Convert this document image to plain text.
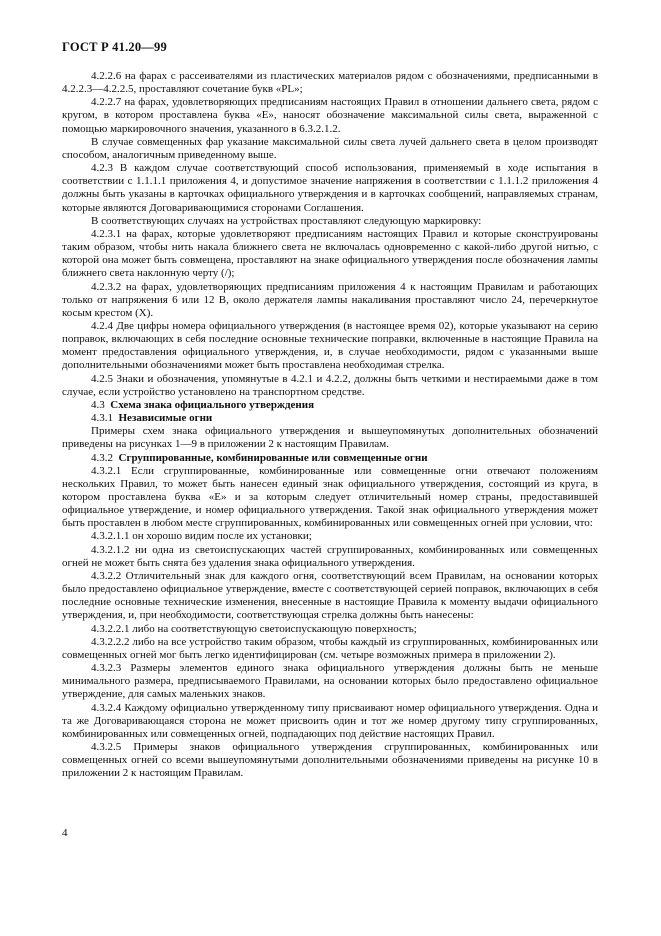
ГОСТ Р 41.20—99

4.2.2.6 на фарах с рассеивателями из пластических материалов рядом с обозначениями, предписанными в 4.2.2.3—4.2.2.5, проставляют сочетание букв «PL»;

4.2.2.7 на фарах, удовлетворяющих предписаниям настоящих Правил в отношении дальнего света, рядом с кругом, в котором проставлена буква «Е», наносят обозначение максимальной силы света, выраженной с помощью маркировочного значения, указанного в 6.3.2.1.2.

В случае совмещенных фар указание максимальной силы света лучей дальнего света в целом производят способом, аналогичным приведенному выше.

4.2.3 В каждом случае соответствующий способ использования, применяемый в ходе испытания в соответствии с 1.1.1.1 приложения 4, и допустимое значение напряжения в соответствии с 1.1.1.2 приложения 4 должны быть указаны в карточках официального утверждения и в карточках сообщений, направляемых странам, которые являются Договаривающимися сторонами Соглашения.

В соответствующих случаях на устройствах проставляют следующую маркировку:

4.2.3.1 на фарах, которые удовлетворяют предписаниям настоящих Правил и которые сконструированы таким образом, чтобы нить накала ближнего света не включалась одновременно с какой-либо другой нитью, с которой она может быть совмещена, проставляют на знаке официального утверждения после обозначения лампы ближнего света наклонную черту (/);

4.2.3.2 на фарах, удовлетворяющих предписаниям приложения 4 к настоящим Правилам и работающих только от напряжения 6 или 12 В, около держателя лампы накаливания проставляют число 24, перечеркнутое косым крестом (X).

4.2.4 Две цифры номера официального утверждения (в настоящее время 02), которые указывают на серию поправок, включающих в себя последние основные технические поправки, включенные в настоящие Правила на момент предоставления официального утверждения, и, в случае необходимости, рядом с указанными выше дополнительными обозначениями может быть проставлена необходимая стрелка.

4.2.5 Знаки и обозначения, упомянутые в 4.2.1 и 4.2.2, должны быть четкими и нестираемыми даже в том случае, если устройство установлено на транспортном средстве.

4.3 Схема знака официального утверждения

4.3.1 Независимые огни

Примеры схем знака официального утверждения и вышеупомянутых дополнительных обозначений приведены на рисунках 1—9 в приложении 2 к настоящим Правилам.

4.3.2 Сгруппированные, комбинированные или совмещенные огни

4.3.2.1 Если сгруппированные, комбинированные или совмещенные огни отвечают положениям нескольких Правил, то может быть нанесен единый знак официального утверждения, состоящий из круга, в котором проставлена буква «Е» и за которым следует отличительный номер страны, предоставившей официальное утверждение, и номер официального утверждения. Такой знак официального утверждения может быть проставлен в любом месте сгруппированных, комбинированных или совмещенных огней при условии, что:

4.3.2.1.1 он хорошо видим после их установки;

4.3.2.1.2 ни одна из светоиспускающих частей сгруппированных, комбинированных или совмещенных огней не может быть снята без удаления знака официального утверждения.

4.3.2.2 Отличительный знак для каждого огня, соответствующий всем Правилам, на основании которых было предоставлено официальное утверждение, вместе с соответствующей серией поправок, включающих в себя последние основные технические изменения, внесенные в настоящие Правила к моменту выдачи официального утверждения, и, при необходимости, соответствующая стрелка должны быть нанесены:

4.3.2.2.1 либо на соответствующую светоиспускающую поверхность;

4.3.2.2.2 либо на все устройство таким образом, чтобы каждый из сгруппированных, комбинированных или совмещенных огней мог быть легко идентифицирован (см. четыре возможных примера в приложении 2).

4.3.2.3 Размеры элементов единого знака официального утверждения должны быть не меньше минимального размера, предписываемого Правилами, на основании которых было предоставлено официальное утверждение, для самых маленьких знаков.

4.3.2.4 Каждому официально утвержденному типу присваивают номер официального утверждения. Одна и та же Договаривающаяся сторона не может присвоить один и тот же номер другому типу сгруппированных, комбинированных или совмещенных огней, подпадающих под действие настоящих Правил.

4.3.2.5 Примеры знаков официального утверждения сгруппированных, комбинированных или совмещенных огней со всеми вышеупомянутыми дополнительными обозначениями приведены на рисунке 10 в приложении 2 к настоящим Правилам.

4
